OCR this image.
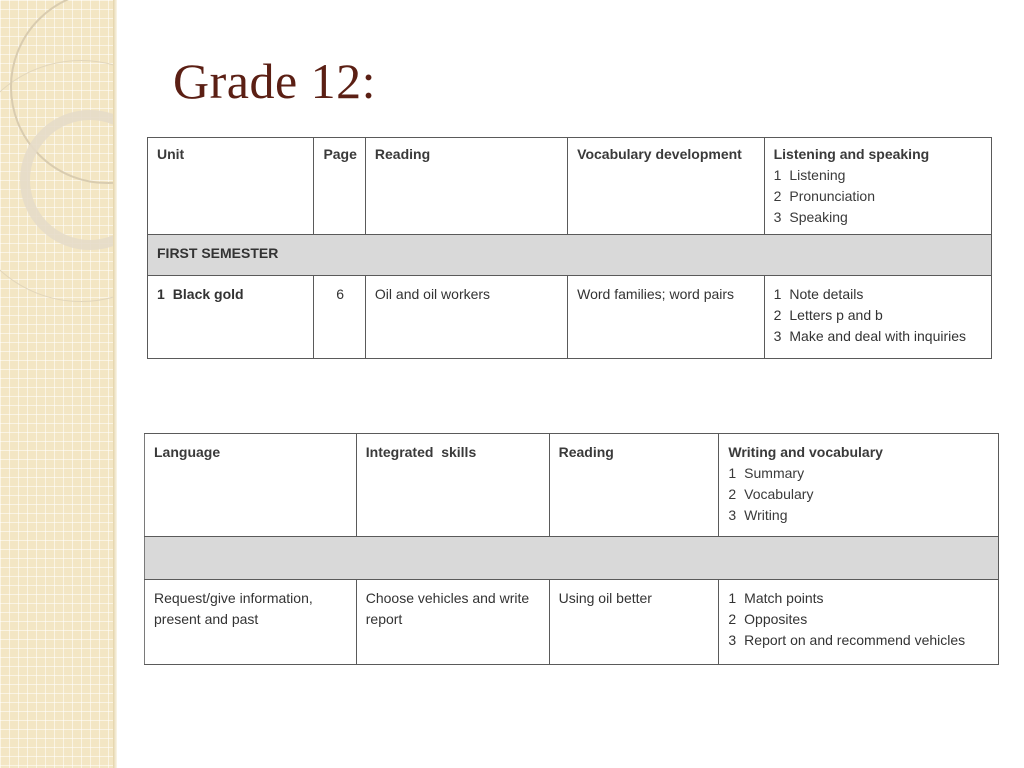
Grade 12:
Unit	Page	Reading	Vocabulary development	Listening and speaking
1 Listening
2 Pronunciation
3 Speaking

FIRST SEMESTER				
1 Black gold	6	Oil and oil workers	Word families; word pairs	1 Note details
2 Letters p and b
3 Make and deal with inquiries
Language	Integrated  skills	Reading	Writing and vocabulary
1 Summary
2 Vocabulary
3 Writing

Request/give information, present and past	Choose vehicles and write report	Using oil better	1 Match points
2 Opposites
3 Report on and recommend vehicles
